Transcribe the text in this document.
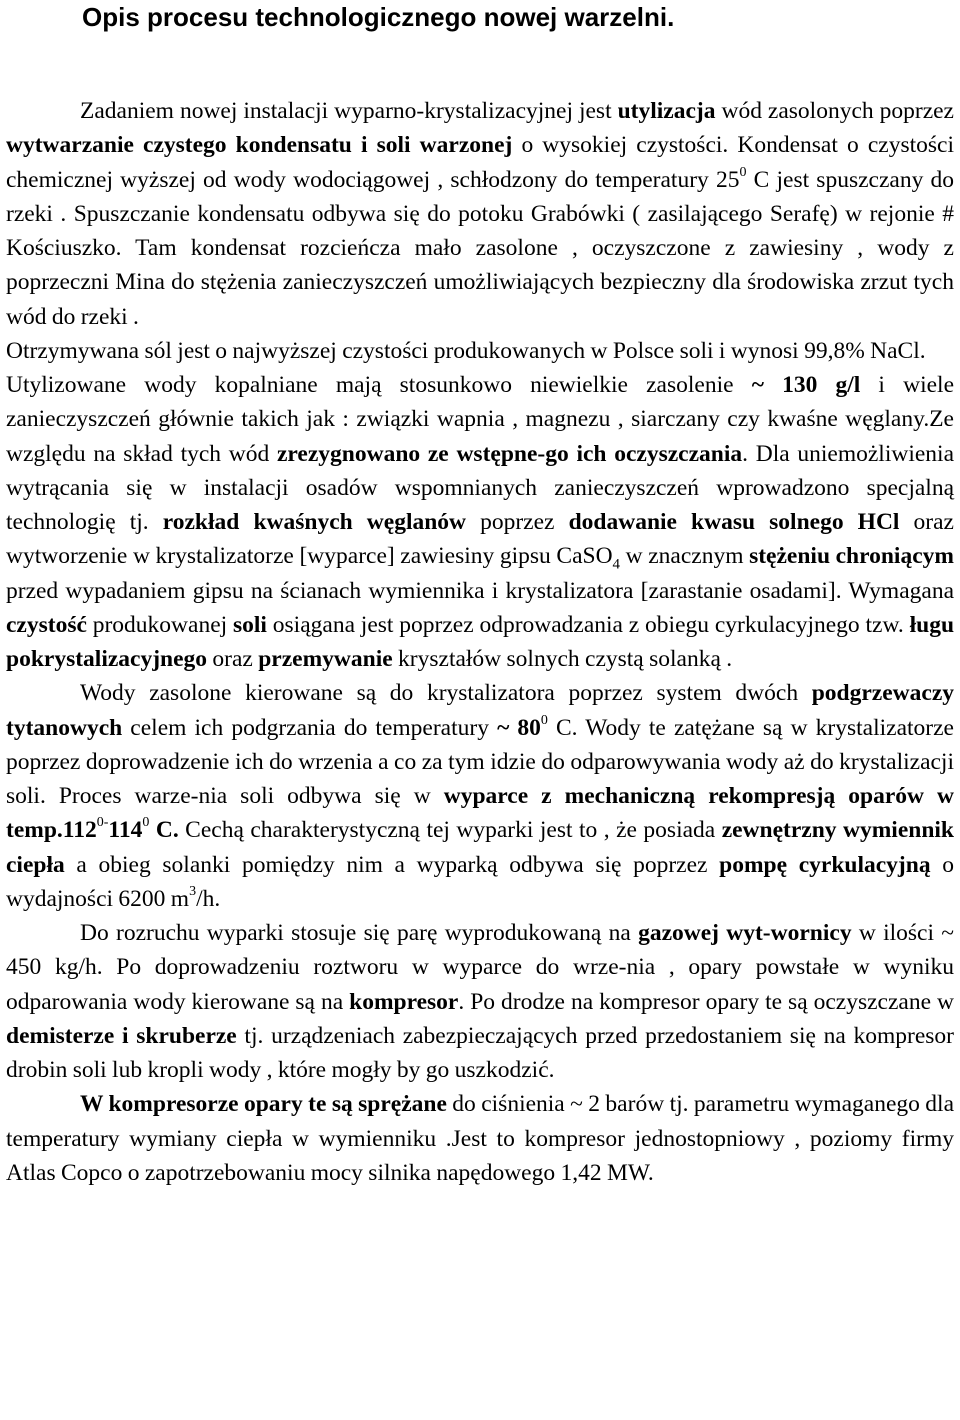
Opis procesu technologicznego nowej warzelni.

Zadaniem nowej instalacji wyparno-krystalizacyjnej jest utylizacja wód zasolonych poprzez wytwarzanie czystego kondensatu i soli warzonej o wysokiej czystości. Kondensat o czystości chemicznej wyższej od wody wodociągowej , schłodzony do temperatury $25^0$ C jest spuszczany do rzeki . Spuszczanie kondensatu odbywa się do potoku Grabówki ( zasilającego Serafę) w rejonie # Kościuszko. Tam kondensat rozcieńcza mało zasolone , oczyszczone z zawiesiny , wody z poprzeczni Mina do stężenia zanieczyszczeń umożliwiających bezpieczny dla środowiska zrzut tych wód do rzeki .

Otrzymywana sól jest o najwyższej czystości produkowanych w Polsce soli i wynosi 99,8% NaCl.

Utylizowane wody kopalniane mają stosunkowo niewielkie zasolenie ~ 130 g/l i wiele zanieczyszczeń głównie takich jak : związki wapnia , magnezu , siarczany czy kwaśne węglany.Ze względu na skład tych wód zrezygnowano ze wstępne-go ich oczyszczania. Dla uniemożliwienia wytrącania się w instalacji osadów wspomnianych zanieczyszczeń wprowadzono specjalną technologię tj. rozkład kwaśnych węglanów poprzez dodawanie kwasu solnego HCl oraz wytworzenie w krystalizatorze [wyparce] zawiesiny gipsu CaSO$_4$ w znacznym stężeniu chroniącym przed wypadaniem gipsu na ścianach wymiennika i krystalizatora [zarastanie osadami]. Wymagana czystość produkowanej soli osiągana jest poprzez odprowadzania z obiegu cyrkulacyjnego tzw. ługu pokrystalizacyjnego oraz przemywanie kryształów solnych czystą solanką .

Wody zasolone kierowane są do krystalizatora poprzez system dwóch podgrzewaczy tytanowych celem ich podgrzania do temperatury ~ $80^0$ C. Wody te zatężane są w krystalizatorze poprzez doprowadzenie ich do wrzenia a co za tym idzie do odparowywania wody aż do krystalizacji soli. Proces warze-nia soli odbywa się w wyparce z mechaniczną rekompresją oparów w $temp.112^{0-}114^0$ C. Cechą charakterystyczną tej wyparki jest to , że posiada zewnętrzny wymiennik ciepła a obieg solanki pomiędzy nim a wyparką odbywa się poprzez pompę cyrkulacyjną o wydajności 6200 $m^3/h$.

Do rozruchu wyparki stosuje się parę wyprodukowaną na gazowej wyt-wornicy w ilości ~ 450 kg/h. Po doprowadzeniu roztworu w wyparce do wrze-nia , opary powstałe w wyniku odparowania wody kierowane są na kompresor. Po drodze na kompresor opary te są oczyszczane w demisterze i skruberze tj. urządzeniach zabezpieczających przed przedostaniem się na kompresor drobin soli lub kropli wody , które mogły by go uszkodzić.

W kompresorze opary te są sprężane do ciśnienia ~ 2 barów tj. parametru wymaganego dla temperatury wymiany ciepła w wymienniku .Jest to kompresor jednostopniowy , poziomy firmy Atlas Copco o zapotrzebowaniu mocy silnika napędowego 1,42 MW.
